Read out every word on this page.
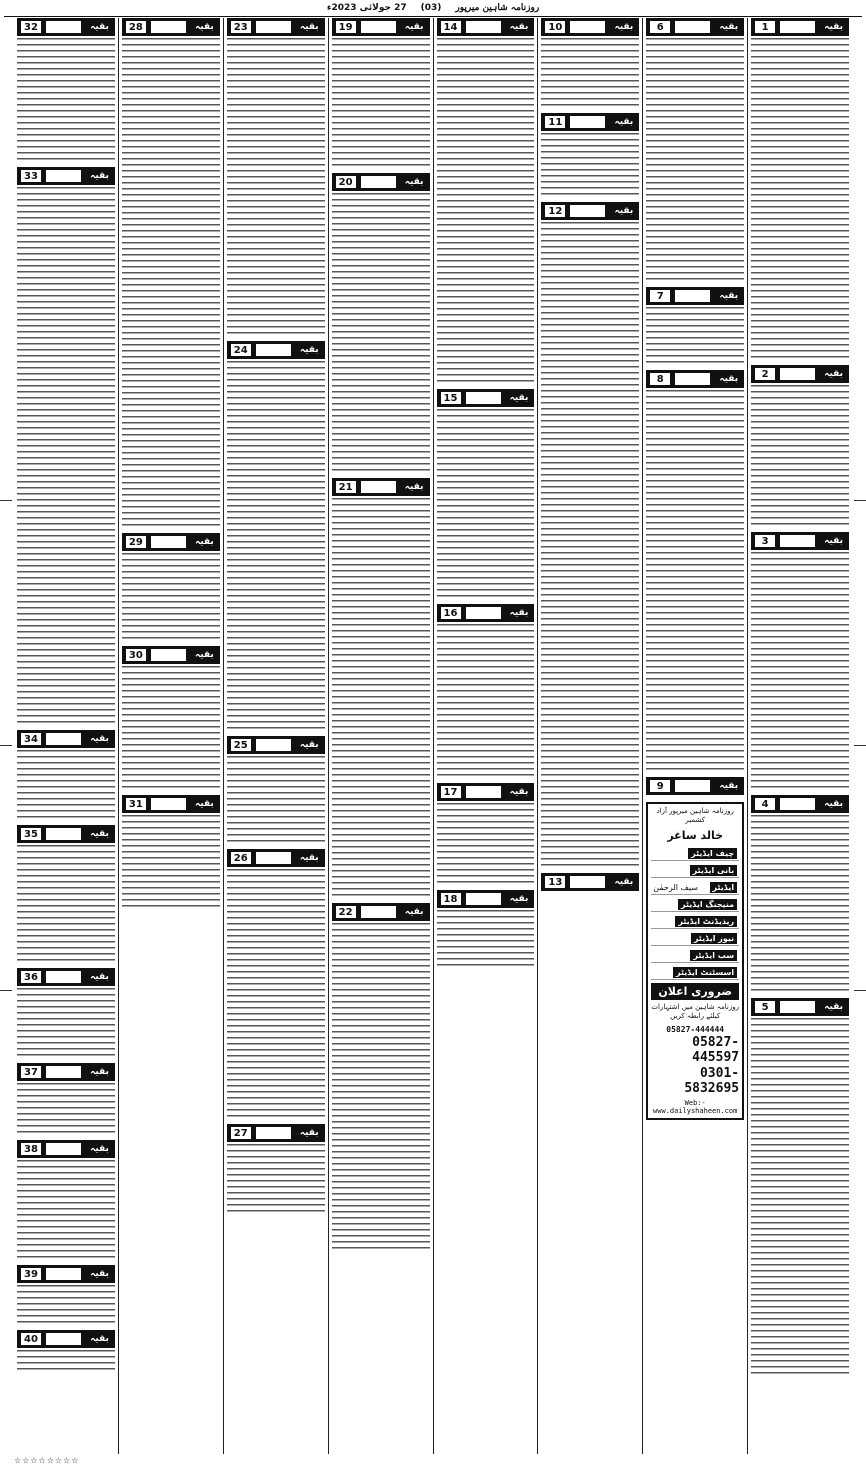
روزنامہ شاہین میرپور
(03)
27 جولائی 2023ء
1	بقیہ
2	بقیہ
3	بقیہ
4	بقیہ
5	بقیہ
6	بقیہ
7	بقیہ
8	بقیہ
9	بقیہ
روزنامہ شاہین میرپور آزاد کشمیر
خالد ساغر
چیف ایڈیٹر
بانی ایڈیٹر
ایڈیٹر
سیف الرحمٰن
منیجنگ ایڈیٹر
ریذیڈنٹ ایڈیٹر
نیوز ایڈیٹر
سب ایڈیٹر
اسسٹنٹ ایڈیٹر
ضروری اعلان
روزنامہ شاہین میں اشتہارات کیلئے رابطہ کریں
05827-444444
05827-445597
0301-5832695
Web:-www.dailyshaheen.com
10	بقیہ
11	بقیہ
12	بقیہ
13	بقیہ
14	بقیہ
15	بقیہ
16	بقیہ
17	بقیہ
18	بقیہ
19	بقیہ
20	بقیہ
21	بقیہ
22	بقیہ
23	بقیہ
24	بقیہ
25	بقیہ
26	بقیہ
27	بقیہ
28	بقیہ
29	بقیہ
30	بقیہ
31	بقیہ
32	بقیہ
33	بقیہ
34	بقیہ
35	بقیہ
36	بقیہ
37	بقیہ
38	بقیہ
39	بقیہ
40	بقیہ
☆☆☆☆☆☆☆☆
